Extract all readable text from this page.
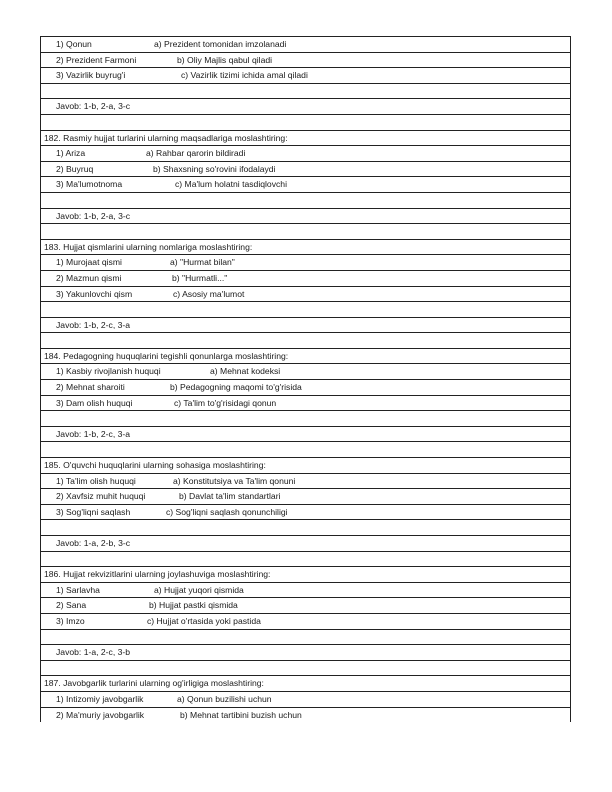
1) Qonun	a) Prezident tomonidan imzolanadi
2) Prezident Farmoni	b) Oliy Majlis qabul qiladi
3) Vazirlik buyrug'i	c) Vazirlik tizimi ichida amal qiladi
Javob: 1-b, 2-a, 3-c
182. Rasmiy hujjat turlarini ularning maqsadlariga moslashtiring:
1) Ariza	a) Rahbar qarorin bildiradi
2) Buyruq	b) Shaxsning so'rovini ifodalaydi
3) Ma'lumotnoma	c) Ma'lum holatni tasdiqlovchi
Javob: 1-b, 2-a, 3-c
183. Hujjat qismlarini ularning nomlariga moslashtiring:
1) Murojaat qismi	a) "Hurmat bilan"
2) Mazmun qismi	b) "Hurmatli..."
3) Yakunlovchi qism	c) Asosiy ma'lumot
Javob: 1-b, 2-c, 3-a
184. Pedagogning huquqlarini tegishli qonunlarga moslashtiring:
1) Kasbiy rivojlanish huquqi	a) Mehnat kodeksi
2) Mehnat sharoiti	b) Pedagogning maqomi to'g'risida
3) Dam olish huquqi	c) Ta'lim to'g'risidagi qonun
Javob: 1-b, 2-c, 3-a
185. O'quvchi huquqlarini ularning sohasiga moslashtiring:
1) Ta'lim olish huquqi	a) Konstitutsiya va Ta'lim qonuni
2) Xavfsiz muhit huquqi	b) Davlat ta'lim standartlari
3) Sog'liqni saqlash	c) Sog'liqni saqlash qonunchiligi
Javob: 1-a, 2-b, 3-c
186. Hujjat rekvizitlarini ularning joylashuviga moslashtiring:
1) Sarlavha	a) Hujjat yuqori qismida
2) Sana	b) Hujjat pastki qismida
3) Imzo	c) Hujjat o'rtasida yoki pastida
Javob: 1-a, 2-c, 3-b
187. Javobgarlik turlarini ularning og'irligiga moslashtiring:
1) Intizomiy javobgarlik	a) Qonun buzilishi uchun
2) Ma'muriy javobgarlik	b) Mehnat tartibini buzish uchun
